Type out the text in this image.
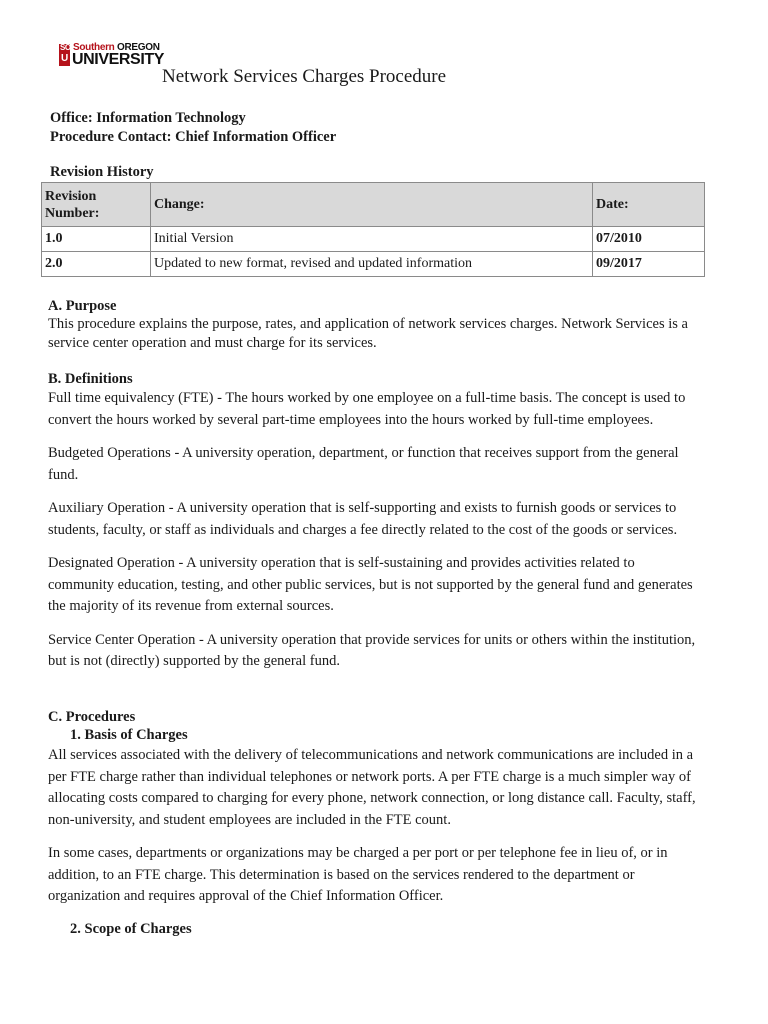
SO
U
Southern OREGON
UNIVERSITY
Network Services Charges Procedure
Office: Information Technology
Procedure Contact: Chief Information Officer
Revision History
Revision Number:	Change:	Date:
1.0	Initial Version	07/2010
2.0	Updated to new format, revised and updated information	09/2017
A. Purpose

This procedure explains the purpose, rates, and application of network services charges. Network Services is a service center operation and must charge for its services.

B. Definitions

Full time equivalency (FTE) - The hours worked by one employee on a full-time basis. The concept is used to convert the hours worked by several part-time employees into the hours worked by full-time employees.

Budgeted Operations - A university operation, department, or function that receives support from the general fund.

Auxiliary Operation - A university operation that is self-supporting and exists to furnish goods or services to students, faculty, or staff as individuals and charges a fee directly related to the cost of the goods or services.

Designated Operation - A university operation that is self-sustaining and provides activities related to community education, testing, and other public services, but is not supported by the general fund and generates the majority of its revenue from external sources.

Service Center Operation - A university operation that provide services for units or others within the institution, but is not (directly) supported by the general fund.

C. Procedures
1. Basis of Charges

All services associated with the delivery of telecommunications and network communications are included in a per FTE charge rather than individual telephones or network ports. A per FTE charge is a much simpler way of allocating costs compared to charging for every phone, network connection, or long distance call. Faculty, staff, non-university, and student employees are included in the FTE count.

In some cases, departments or organizations may be charged a per port or per telephone fee in lieu of, or in addition, to an FTE charge. This determination is based on the services rendered to the department or organization and requires approval of the Chief Information Officer.

2. Scope of Charges
